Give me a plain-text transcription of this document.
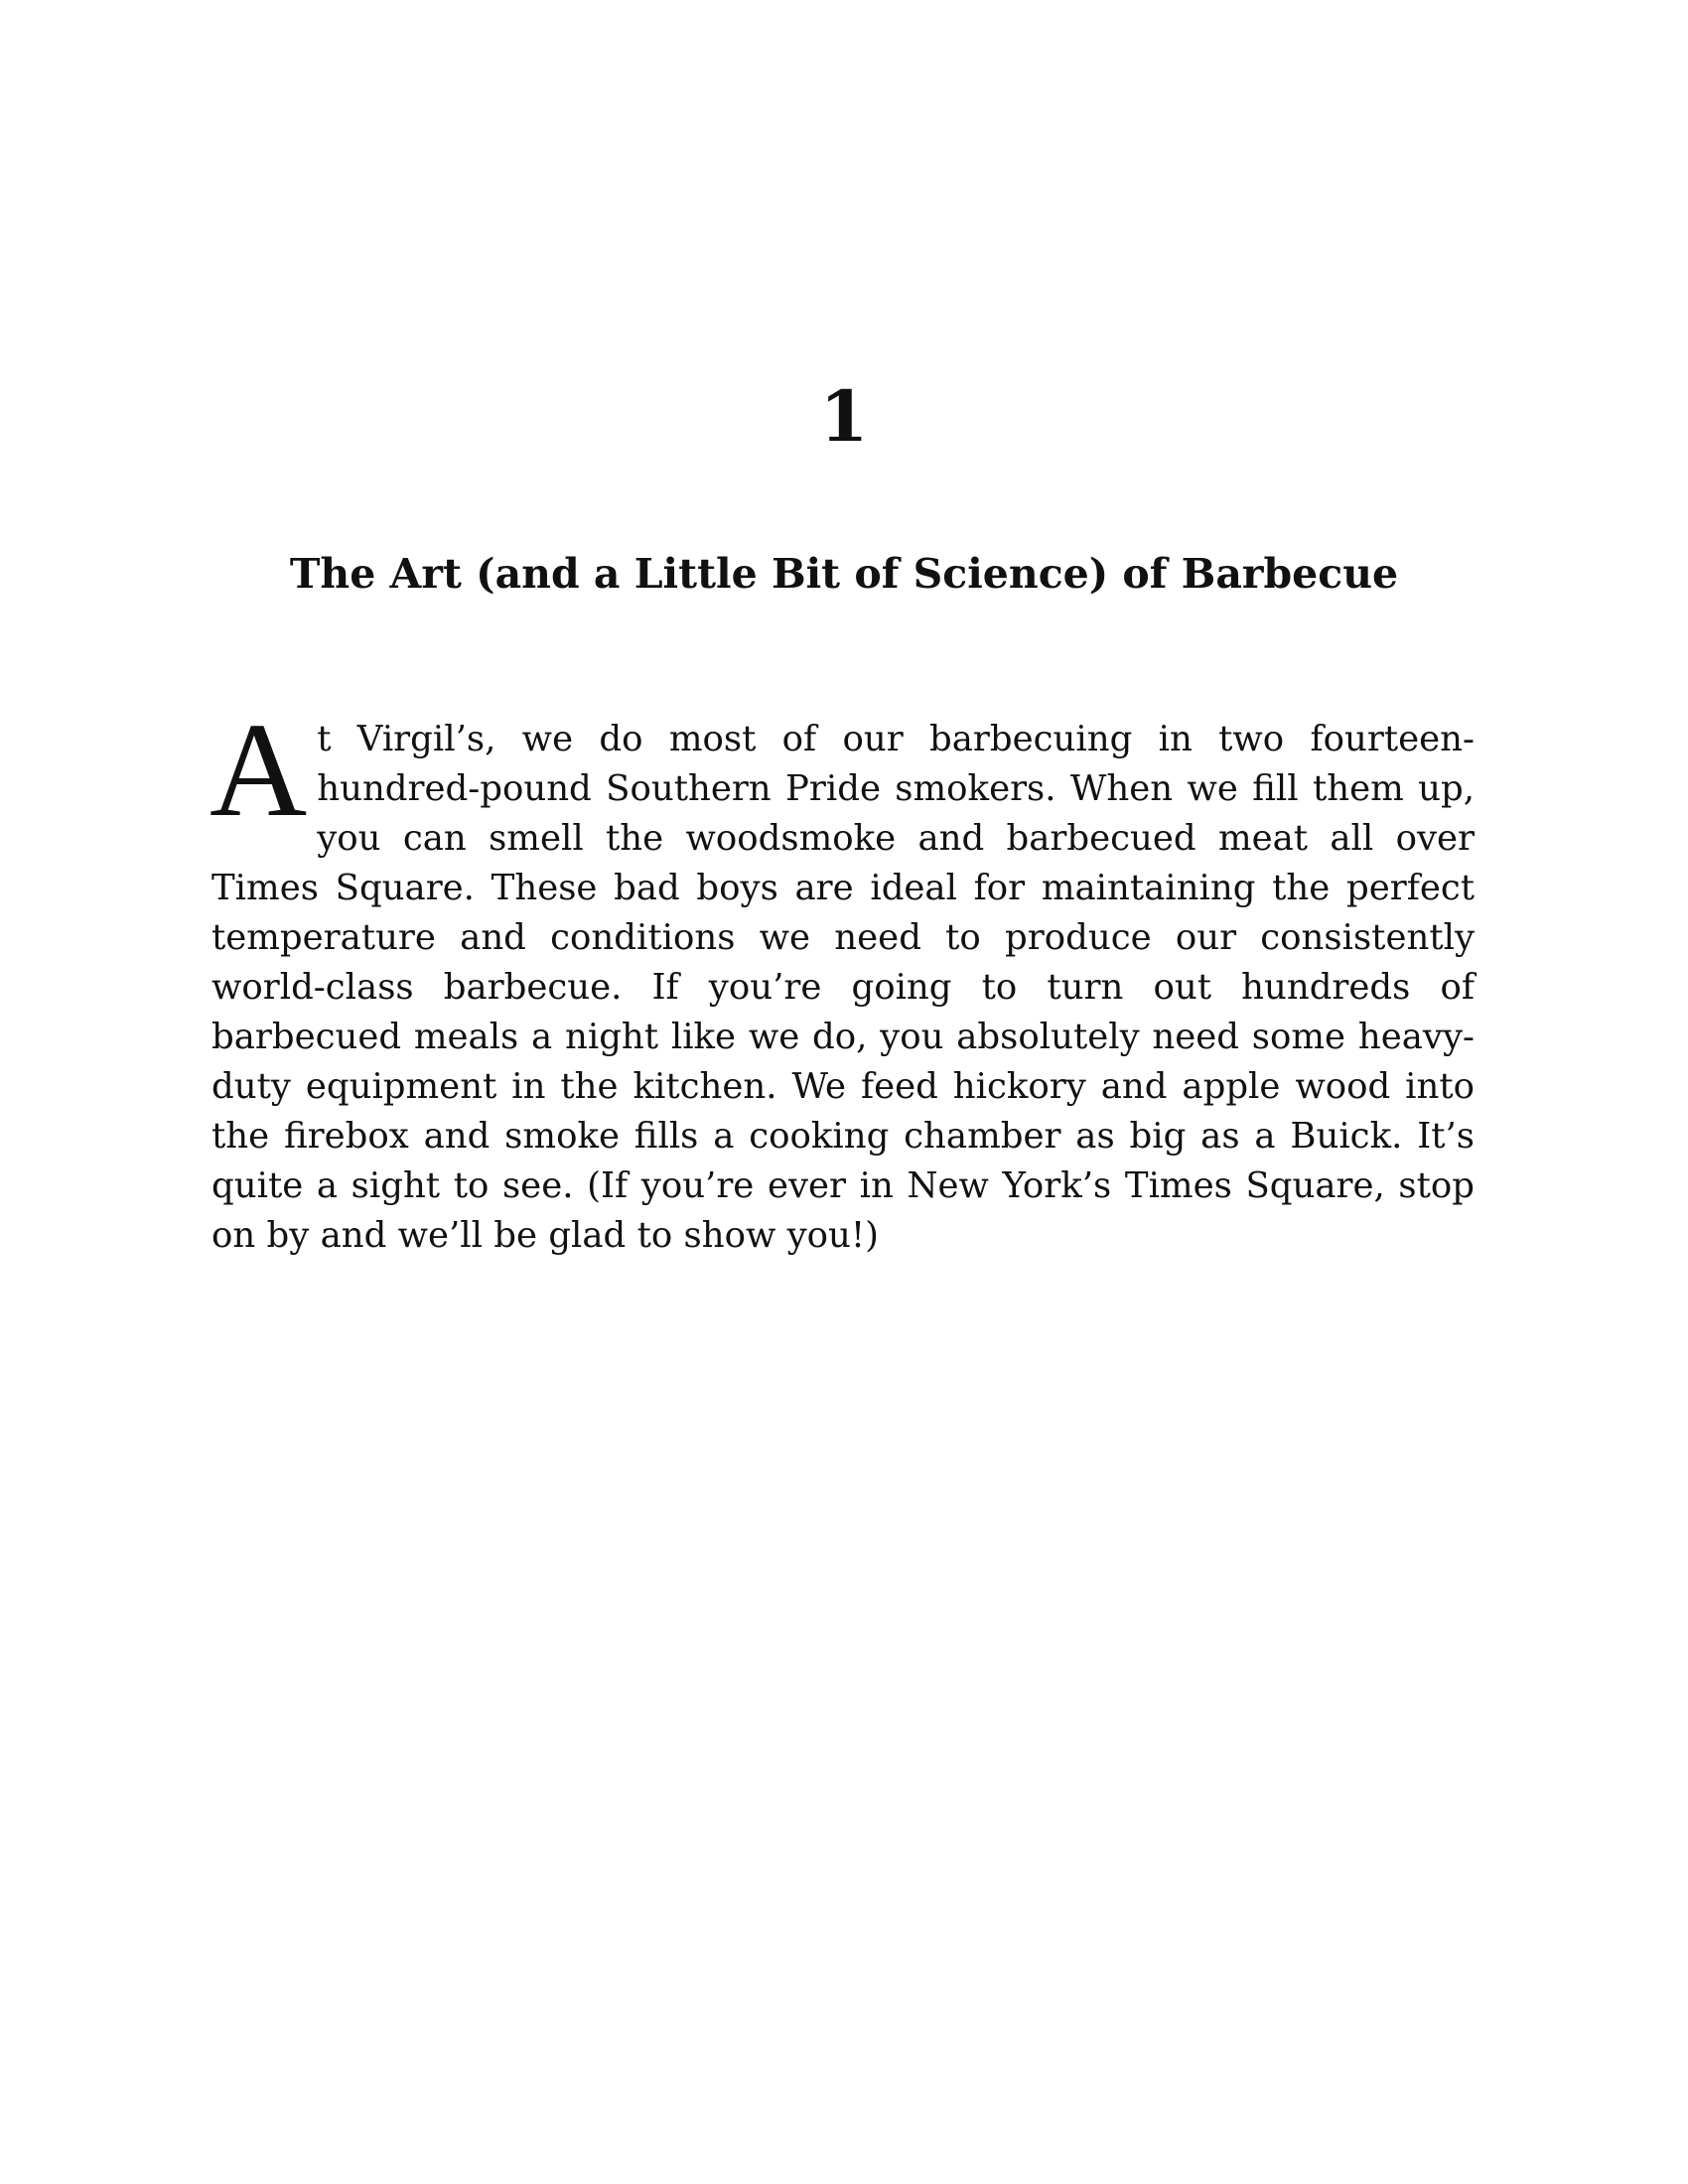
1
The Art (and a Little Bit of Science) of Barbecue

At Virgil’s, we do most of our barbecuing in two fourteen-hundred-pound Southern Pride smokers. When we fill them up, you can smell the woodsmoke and barbecued meat all over Times Square. These bad boys are ideal for maintaining the perfect temperature and conditions we need to produce our consistently world-class barbecue. If you’re going to turn out hundreds of barbecued meals a night like we do, you absolutely need some heavy-duty equipment in the kitchen. We feed hickory and apple wood into the firebox and smoke fills a cooking chamber as big as a Buick. It’s quite a sight to see. (If you’re ever in New York’s Times Square, stop on by and we’ll be glad to show you!)
